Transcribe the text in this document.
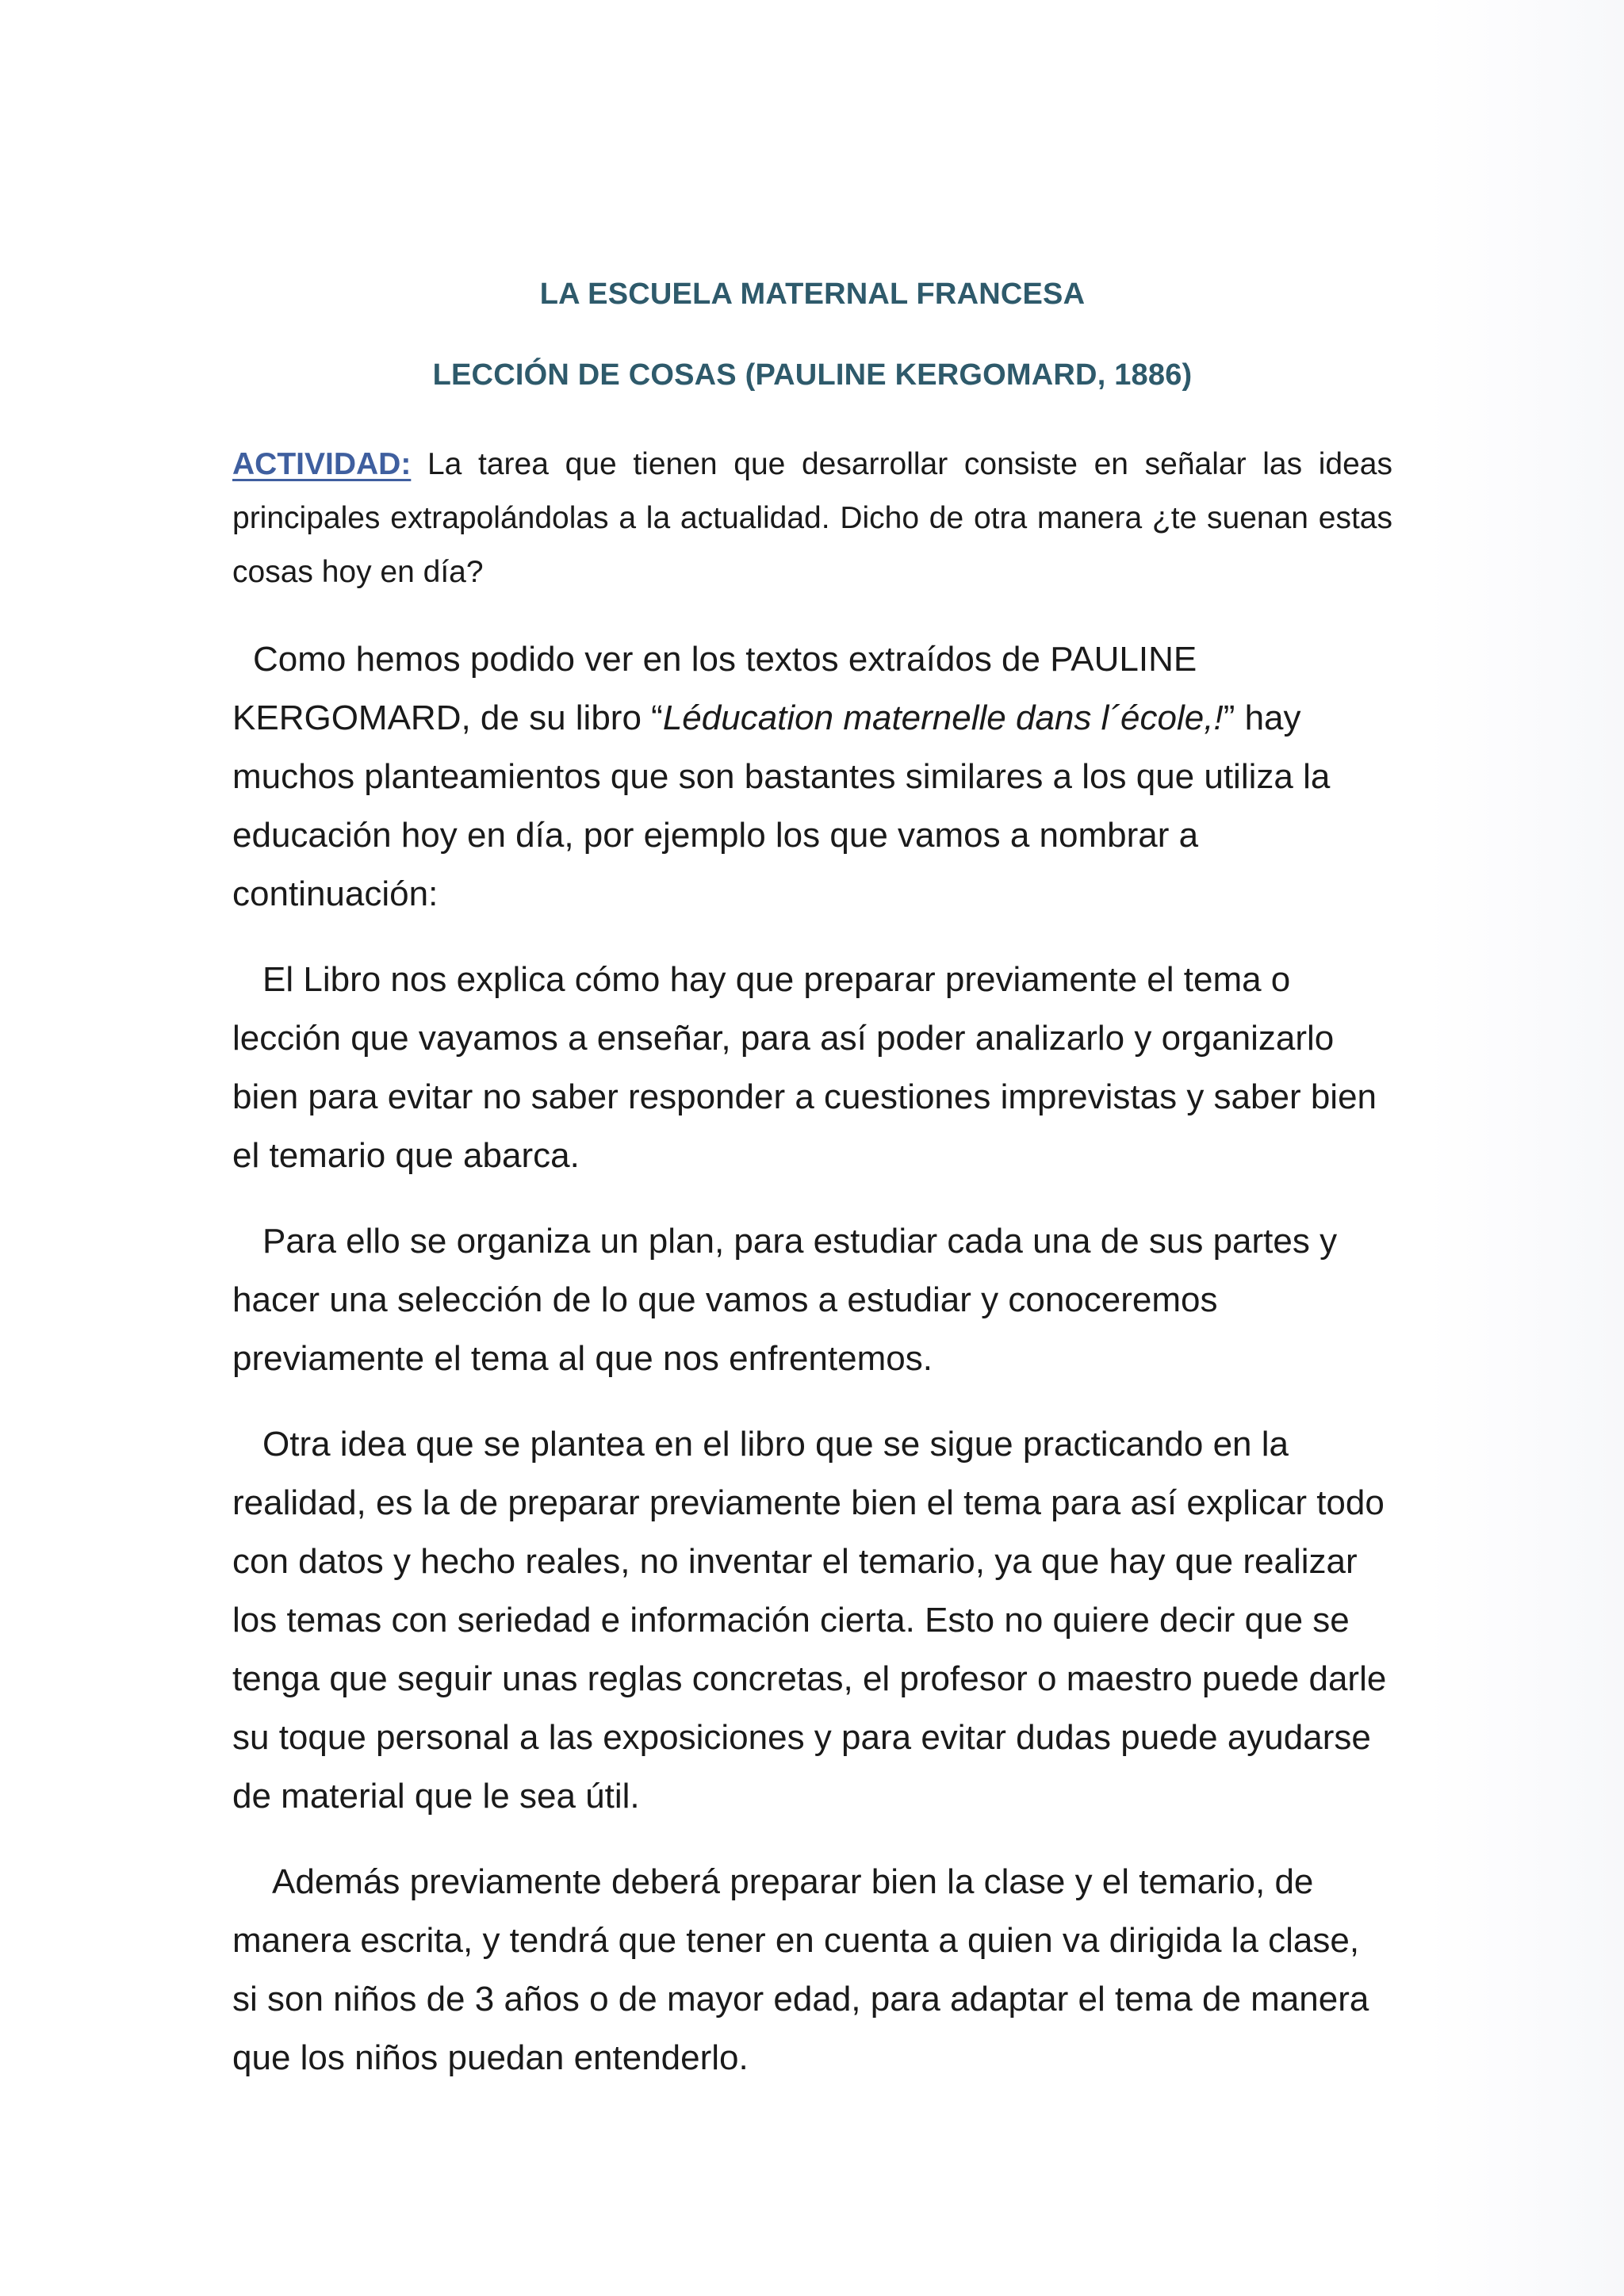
LA ESCUELA MATERNAL FRANCESA
LECCIÓN DE COSAS (PAULINE KERGOMARD, 1886)

ACTIVIDAD: La tarea que tienen que desarrollar consiste en señalar las ideas principales extrapolándolas a la actualidad. Dicho de otra manera ¿te suenan estas cosas hoy en día?

Como hemos podido ver en los textos extraídos de PAULINE KERGOMARD, de su libro “Léducation maternelle dans l´école,!” hay muchos planteamientos que son bastantes similares a los que utiliza la educación hoy en día, por ejemplo los que vamos a nombrar a continuación:

El Libro nos explica cómo hay que preparar previamente el tema o lección que vayamos a enseñar, para así poder analizarlo y organizarlo bien para evitar no saber responder a cuestiones imprevistas y saber bien el temario que abarca.

Para ello se organiza un plan, para estudiar cada una de sus partes y hacer una selección de lo que vamos a estudiar y conoceremos previamente el tema al que nos enfrentemos.

Otra idea que se plantea en el libro que se sigue practicando en la realidad, es la de preparar previamente bien el tema para así explicar todo con datos y hecho reales, no inventar el temario, ya que hay que realizar los temas con seriedad e información cierta. Esto no quiere decir que se tenga que seguir unas reglas concretas, el profesor o maestro puede darle su toque personal a las exposiciones y para evitar dudas puede ayudarse de material que le sea útil.

Además previamente deberá preparar bien la clase y el temario, de manera escrita, y tendrá que tener en cuenta a quien va dirigida la clase, si son niños de 3 años o de mayor edad, para adaptar el tema de manera que los niños puedan entenderlo.
